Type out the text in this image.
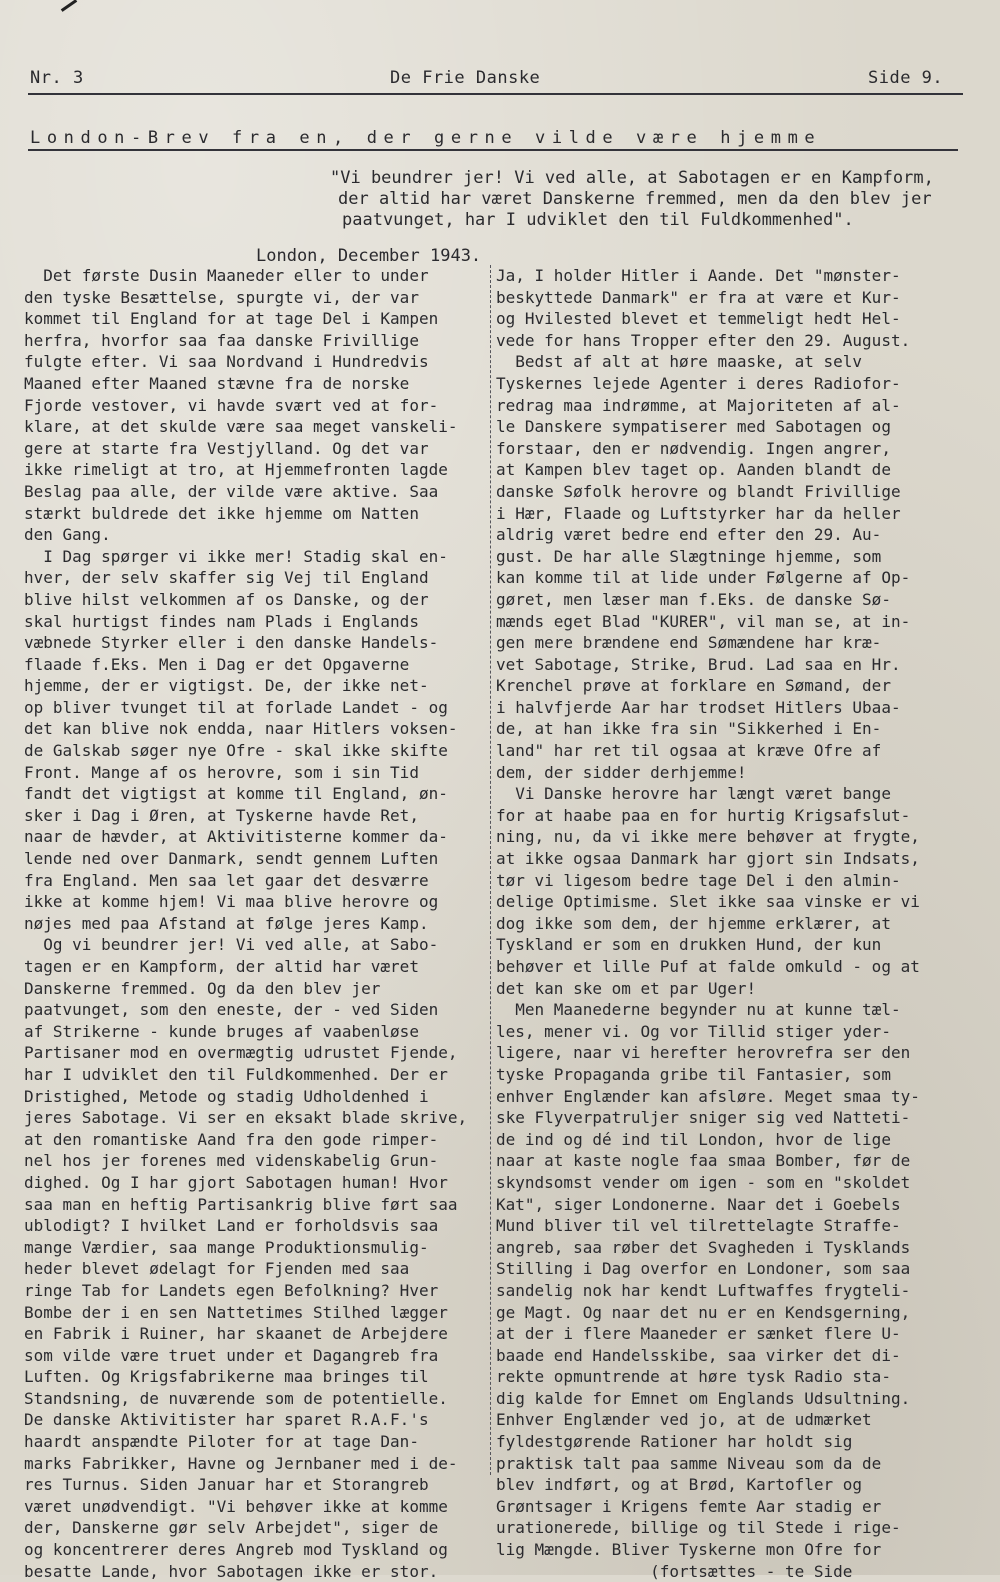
Nr. 3	De Frie Danske	Side 9.
London-Brev fra en, der gerne vilde være hjemme

"Vi beundrer jer! Vi ved alle, at Sabotagen er en Kampform,

der altid har været Danskerne fremmed, men da den blev jer

paatvunget, har I udviklet den til Fuldkommenhed".

London, December 1943.

Det første Dusin Maaneder eller to under

den tyske Besættelse, spurgte vi, der var

kommet til England for at tage Del i Kampen

herfra, hvorfor saa faa danske Frivillige

fulgte efter. Vi saa Nordvand i Hundredvis

Maaned efter Maaned stævne fra de norske

Fjorde vestover, vi havde svært ved at for-

klare, at det skulde være saa meget vanskeli-

gere at starte fra Vestjylland. Og det var

ikke rimeligt at tro, at Hjemmefronten lagde

Beslag paa alle, der vilde være aktive. Saa

stærkt buldrede det ikke hjemme om Natten

den Gang.

I Dag spørger vi ikke mer! Stadig skal en-

hver, der selv skaffer sig Vej til England

blive hilst velkommen af os Danske, og der

skal hurtigst findes nam Plads i Englands

væbnede Styrker eller i den danske Handels-

flaade f.Eks. Men i Dag er det Opgaverne

hjemme, der er vigtigst. De, der ikke net-

op bliver tvunget til at forlade Landet - og

det kan blive nok endda, naar Hitlers voksen-

de Galskab søger nye Ofre - skal ikke skifte

Front. Mange af os herovre, som i sin Tid

fandt det vigtigst at komme til England, øn-

sker i Dag i Øren, at Tyskerne havde Ret,

naar de hævder, at Aktivitisterne kommer da-

lende ned over Danmark, sendt gennem Luften

fra England. Men saa let gaar det desværre

ikke at komme hjem! Vi maa blive herovre og

nøjes med paa Afstand at følge jeres Kamp.

Og vi beundrer jer! Vi ved alle, at Sabo-

tagen er en Kampform, der altid har været

Danskerne fremmed. Og da den blev jer

paatvunget, som den eneste, der - ved Siden

af Strikerne - kunde bruges af vaabenløse

Partisaner mod en overmægtig udrustet Fjende,

har I udviklet den til Fuldkommenhed. Der er

Dristighed, Metode og stadig Udholdenhed i

jeres Sabotage. Vi ser en eksakt blade skrive,

at den romantiske Aand fra den gode rimper-

nel hos jer forenes med videnskabelig Grun-

dighed. Og I har gjort Sabotagen human! Hvor

saa man en heftig Partisankrig blive ført saa

ublodigt? I hvilket Land er forholdsvis saa

mange Værdier, saa mange Produktionsmulig-

heder blevet ødelagt for Fjenden med saa

ringe Tab for Landets egen Befolkning? Hver

Bombe der i en sen Nattetimes Stilhed lægger

en Fabrik i Ruiner, har skaanet de Arbejdere

som vilde være truet under et Dagangreb fra

Luften. Og Krigsfabrikerne maa bringes til

Standsning, de nuværende som de potentielle.

De danske Aktivitister har sparet R.A.F.'s

haardt anspændte Piloter for at tage Dan-

marks Fabrikker, Havne og Jernbaner med i de-

res Turnus. Siden Januar har et Storangreb

været unødvendigt. "Vi behøver ikke at komme

der, Danskerne gør selv Arbejdet", siger de

og koncentrerer deres Angreb mod Tyskland og

besatte Lande, hvor Sabotagen ikke er stor.

Ja, I holder Hitler i Aande. Det "mønster-

beskyttede Danmark" er fra at være et Kur-

og Hvilested blevet et temmeligt hedt Hel-

vede for hans Tropper efter den 29. August.

Bedst af alt at høre maaske, at selv

Tyskernes lejede Agenter i deres Radiofor-

redrag maa indrømme, at Majoriteten af al-

le Danskere sympatiserer med Sabotagen og

forstaar, den er nødvendig. Ingen angrer,

at Kampen blev taget op. Aanden blandt de

danske Søfolk herovre og blandt Frivillige

i Hær, Flaade og Luftstyrker har da heller

aldrig været bedre end efter den 29. Au-

gust. De har alle Slægtninge hjemme, som

kan komme til at lide under Følgerne af Op-

gøret, men læser man f.Eks. de danske Sø-

mænds eget Blad "KURER", vil man se, at in-

gen mere brændene end Sømændene har kræ-

vet Sabotage, Strike, Brud. Lad saa en Hr.

Krenchel prøve at forklare en Sømand, der

i halvfjerde Aar har trodset Hitlers Ubaa-

de, at han ikke fra sin "Sikkerhed i En-

land" har ret til ogsaa at kræve Ofre af

dem, der sidder derhjemme!

Vi Danske herovre har længt været bange

for at haabe paa en for hurtig Krigsafslut-

ning, nu, da vi ikke mere behøver at frygte,

at ikke ogsaa Danmark har gjort sin Indsats,

tør vi ligesom bedre tage Del i den almin-

delige Optimisme. Slet ikke saa vinske er vi

dog ikke som dem, der hjemme erklærer, at

Tyskland er som en drukken Hund, der kun

behøver et lille Puf at falde omkuld - og at

det kan ske om et par Uger!

Men Maanederne begynder nu at kunne tæl-

les, mener vi. Og vor Tillid stiger yder-

ligere, naar vi herefter herovrefra ser den

tyske Propaganda gribe til Fantasier, som

enhver Englænder kan afsløre. Meget smaa ty-

ske Flyverpatruljer sniger sig ved Natteti-

de ind og dé ind til London, hvor de lige

naar at kaste nogle faa smaa Bomber, før de

skyndsomst vender om igen - som en "skoldet

Kat", siger Londonerne. Naar det i Goebels

Mund bliver til vel tilrettelagte Straffe-

angreb, saa røber det Svagheden i Tysklands

Stilling i Dag overfor en Londoner, som saa

sandelig nok har kendt Luftwaffes frygteli-

ge Magt. Og naar det nu er en Kendsgerning,

at der i flere Maaneder er sænket flere U-

baade end Handelsskibe, saa virker det di-

rekte opmuntrende at høre tysk Radio sta-

dig kalde for Emnet om Englands Udsultning.

Enhver Englænder ved jo, at de udmærket

fyldestgørende Rationer har holdt sig

praktisk talt paa samme Niveau som da de

blev indført, og at Brød, Kartofler og

Grøntsager i Krigens femte Aar stadig er

urationerede, billige og til Stede i rige-

lig Mængde. Bliver Tyskerne mon Ofre for

(fortsættes - te Side
